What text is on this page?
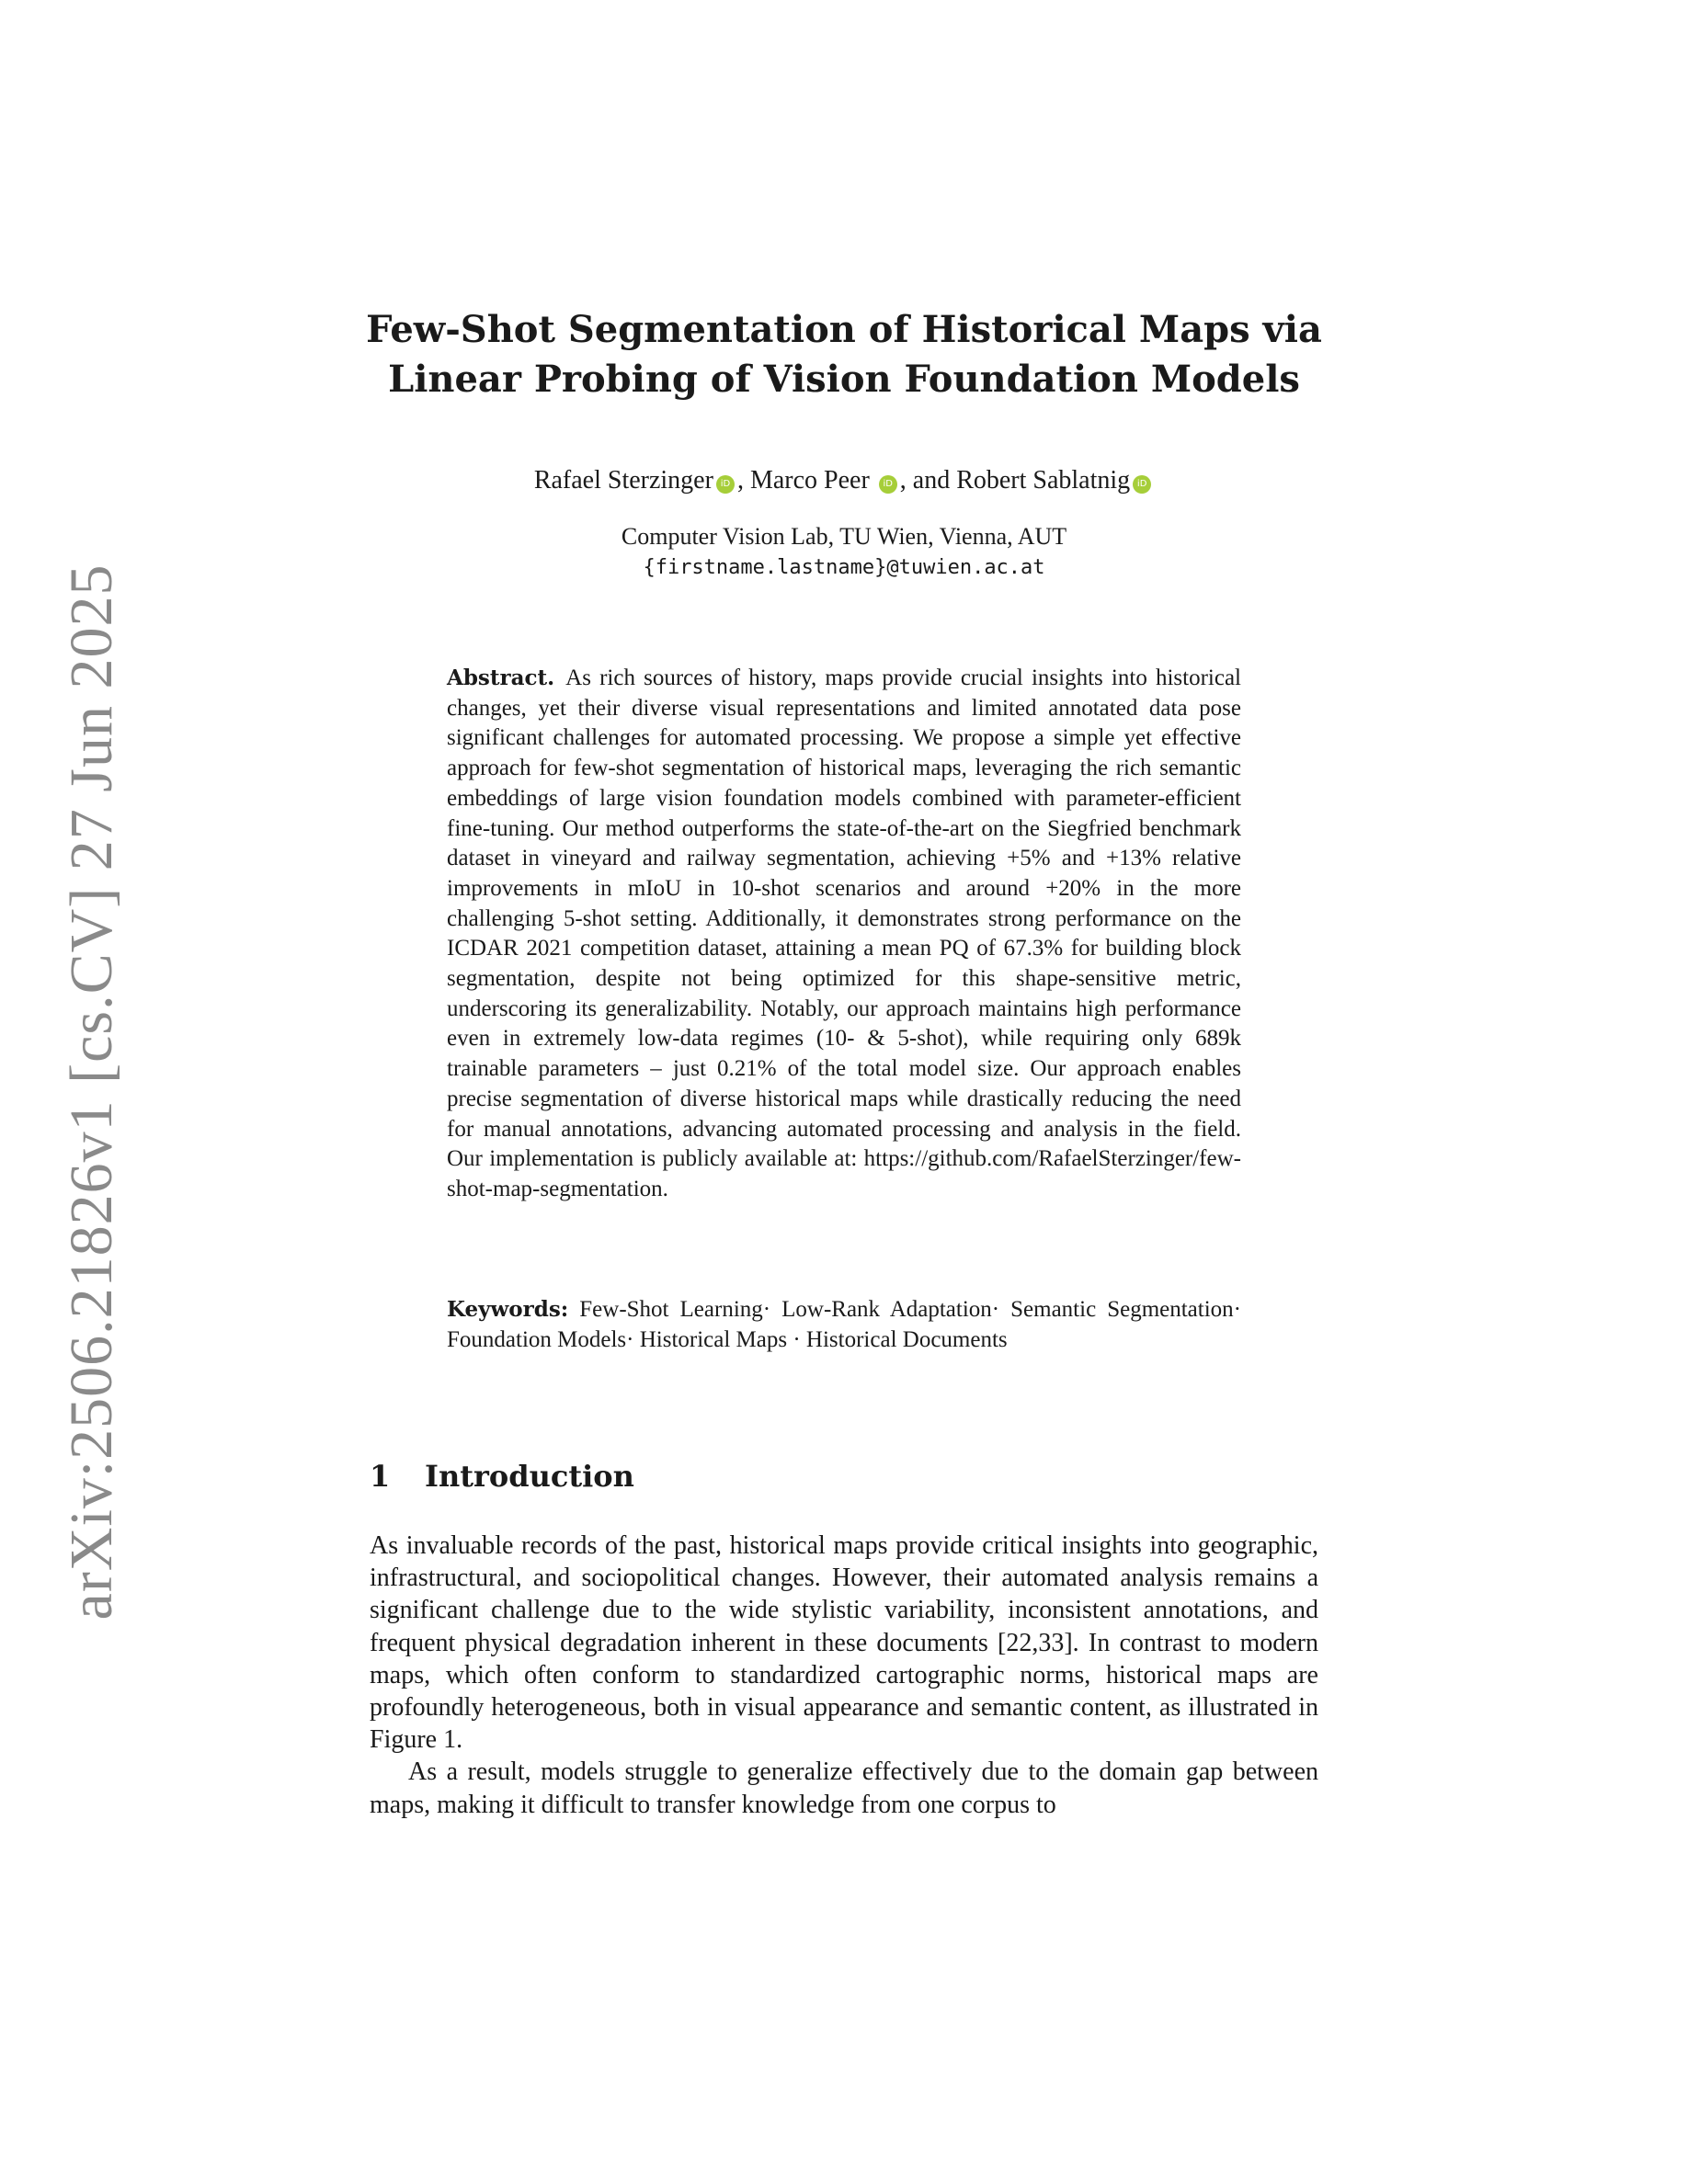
arXiv:2506.21826v1 [cs.CV] 27 Jun 2025
Few-Shot Segmentation of Historical Maps via
Linear Probing of Vision Foundation Models
Rafael Sterzinger iD , Marco Peer iD , and Robert Sablatnig iD
Computer Vision Lab, TU Wien, Vienna, AUT
{firstname.lastname}@tuwien.ac.at

Abstract. As rich sources of history, maps provide crucial insights into historical changes, yet their diverse visual representations and limited annotated data pose significant challenges for automated processing. We propose a simple yet effective approach for few-shot segmentation of historical maps, leveraging the rich semantic embeddings of large vision foundation models combined with parameter-efficient fine-tuning. Our method outperforms the state-of-the-art on the Siegfried benchmark dataset in vineyard and railway segmentation, achieving +5% and +13% relative improvements in mIoU in 10-shot scenarios and around +20% in the more challenging 5-shot setting. Additionally, it demonstrates strong performance on the ICDAR 2021 competition dataset, attaining a mean PQ of 67.3% for building block segmentation, despite not being optimized for this shape-sensitive metric, underscoring its generalizability. Notably, our approach maintains high performance even in extremely low-data regimes (10- & 5-shot), while requiring only 689k trainable parameters – just 0.21% of the total model size. Our approach enables precise segmentation of diverse historical maps while drastically reducing the need for manual annotations, advancing automated processing and analysis in the field. Our implementation is publicly available at: https://github.com/RafaelSterzinger/few-shot-map-segmentation.

Keywords: Few-Shot Learning· Low-Rank Adaptation· Semantic Segmentation· Foundation Models· Historical Maps · Historical Documents

1 Introduction

As invaluable records of the past, historical maps provide critical insights into geographic, infrastructural, and sociopolitical changes. However, their automated analysis remains a significant challenge due to the wide stylistic variability, inconsistent annotations, and frequent physical degradation inherent in these documents [22,33]. In contrast to modern maps, which often conform to standardized cartographic norms, historical maps are profoundly heterogeneous, both in visual appearance and semantic content, as illustrated in Figure 1.

As a result, models struggle to generalize effectively due to the domain gap between maps, making it difficult to transfer knowledge from one corpus to
